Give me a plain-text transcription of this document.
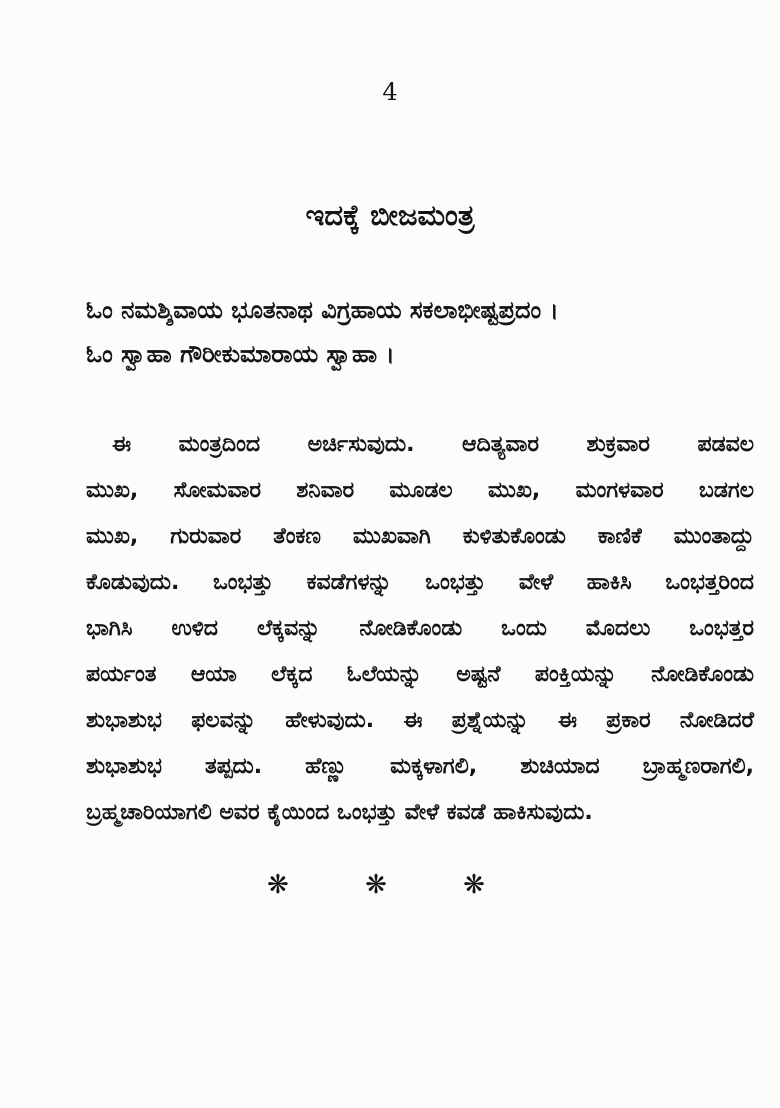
4
ಇದಕ್ಕೆ ಬೀಜಮಂತ್ರ
ಓಂ ನಮಶ್ಶಿವಾಯ ಭೂತನಾಥ ವಿಗ್ರಹಾಯ ಸಕಲಾಭೀಷ್ಟಪ್ರದಂ ।
ಓಂ ಸ್ವಾಹಾ ಗೌರೀಕುಮಾರಾಯ ಸ್ವಾಹಾ ।
ಈ ಮಂತ್ರದಿಂದ ಅರ್ಚಿಸುವುದು. ಆದಿತ್ಯವಾರ ಶುಕ್ರವಾರ ಪಡವಲ
ಮುಖ, ಸೋಮವಾರ ಶನಿವಾರ ಮೂಡಲ ಮುಖ, ಮಂಗಳವಾರ ಬಡಗಲ
ಮುಖ, ಗುರುವಾರ ತೆಂಕಣ ಮುಖವಾಗಿ ಕುಳಿತುಕೊಂಡು ಕಾಣಿಕೆ ಮುಂತಾದ್ದು
ಕೊಡುವುದು. ಒಂಭತ್ತು ಕವಡೆಗಳನ್ನು ಒಂಭತ್ತು ವೇಳೆ ಹಾಕಿಸಿ ಒಂಭತ್ತರಿಂದ
ಭಾಗಿಸಿ ಉಳಿದ ಲೆಕ್ಕವನ್ನು ನೋಡಿಕೊಂಡು ಒಂದು ಮೊದಲು ಒಂಭತ್ತರ
ಪರ್ಯಂತ ಆಯಾ ಲೆಕ್ಕದ ಓಲೆಯನ್ನು ಅಷ್ಟನೆ ಪಂಕ್ತಿಯನ್ನು ನೋಡಿಕೊಂಡು
ಶುಭಾಶುಭ ಫಲವನ್ನು ಹೇಳುವುದು. ಈ ಪ್ರಶ್ನೆಯನ್ನು ಈ ಪ್ರಕಾರ ನೋಡಿದರೆ
ಶುಭಾಶುಭ ತಪ್ಪದು. ಹೆಣ್ಣು ಮಕ್ಕಳಾಗಲಿ, ಶುಚಿಯಾದ ಬ್ರಾಹ್ಮಣರಾಗಲಿ,
ಬ್ರಹ್ಮಚಾರಿಯಾಗಲಿ ಅವರ ಕೈಯಿಂದ ಒಂಭತ್ತು ವೇಳೆ ಕವಡೆ ಹಾಕಿಸುವುದು.
❋ ❋ ❋
